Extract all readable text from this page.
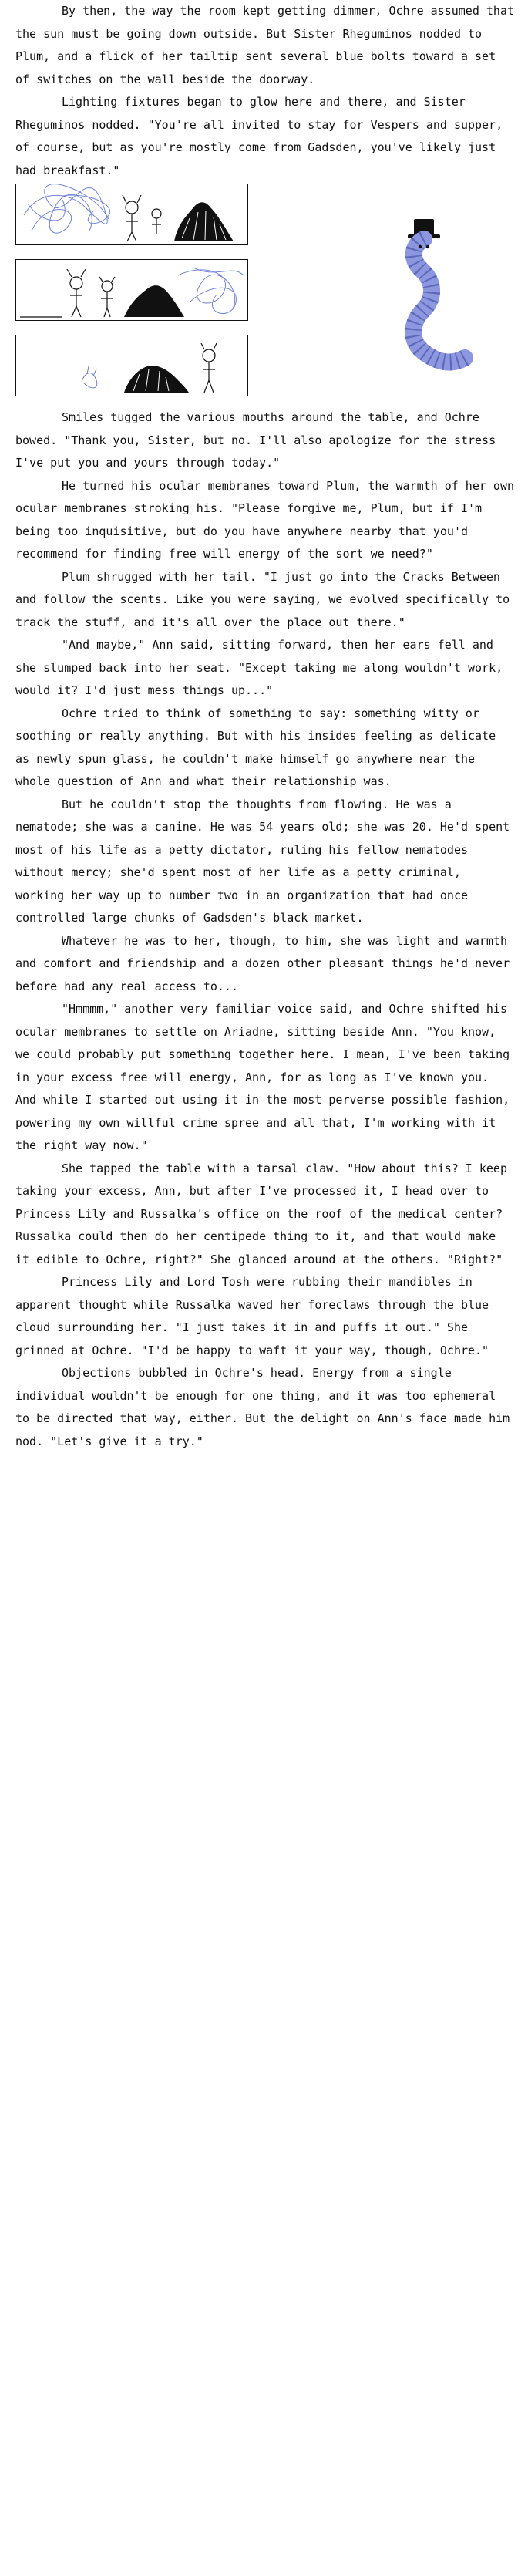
By then, the way the room kept getting dimmer, Ochre assumed that the sun must be going down outside. But Sister Rheguminos nodded to Plum, and a flick of her tailtip sent several blue bolts toward a set of switches on the wall beside the doorway.

Lighting fixtures began to glow here and there, and Sister Rheguminos nodded. "You're all invited to stay for Vespers and supper, of course, but as you're mostly come from Gadsden, you've likely just had breakfast."

Smiles tugged the various mouths around the table, and Ochre bowed. "Thank you, Sister, but no. I'll also apologize for the stress I've put you and yours through today."

He turned his ocular membranes toward Plum, the warmth of her own ocular membranes stroking his. "Please forgive me, Plum, but if I'm being too inquisitive, but do you have anywhere nearby that you'd recommend for finding free will energy of the sort we need?"

Plum shrugged with her tail. "I just go into the Cracks Between and follow the scents. Like you were saying, we evolved specifically to track the stuff, and it's all over the place out there."

"And maybe," Ann said, sitting forward, then her ears fell and she slumped back into her seat. "Except taking me along wouldn't work, would it? I'd just mess things up..."

Ochre tried to think of something to say: something witty or soothing or really anything. But with his insides feeling as delicate as newly spun glass, he couldn't make himself go anywhere near the whole question of Ann and what their relationship was.

But he couldn't stop the thoughts from flowing. He was a nematode; she was a canine. He was 54 years old; she was 20. He'd spent most of his life as a petty dictator, ruling his fellow nematodes without mercy; she'd spent most of her life as a petty criminal, working her way up to number two in an organization that had once controlled large chunks of Gadsden's black market.

Whatever he was to her, though, to him, she was light and warmth and comfort and friendship and a dozen other pleasant things he'd never before had any real access to...

"Hmmmm," another very familiar voice said, and Ochre shifted his ocular membranes to settle on Ariadne, sitting beside Ann. "You know, we could probably put something together here. I mean, I've been taking in your excess free will energy, Ann, for as long as I've known you. And while I started out using it in the most perverse possible fashion, powering my own willful crime spree and all that, I'm working with it the right way now."

She tapped the table with a tarsal claw. "How about this? I keep taking your excess, Ann, but after I've processed it, I head over to Princess Lily and Russalka's office on the roof of the medical center? Russalka could then do her centipede thing to it, and that would make it edible to Ochre, right?" She glanced around at the others. "Right?"

Princess Lily and Lord Tosh were rubbing their mandibles in apparent thought while Russalka waved her foreclaws through the blue cloud surrounding her. "I just takes it in and puffs it out." She grinned at Ochre. "I'd be happy to waft it your way, though, Ochre."

Objections bubbled in Ochre's head. Energy from a single individual wouldn't be enough for one thing, and it was too ephemeral to be directed that way, either. But the delight on Ann's face made him nod. "Let's give it a try."
